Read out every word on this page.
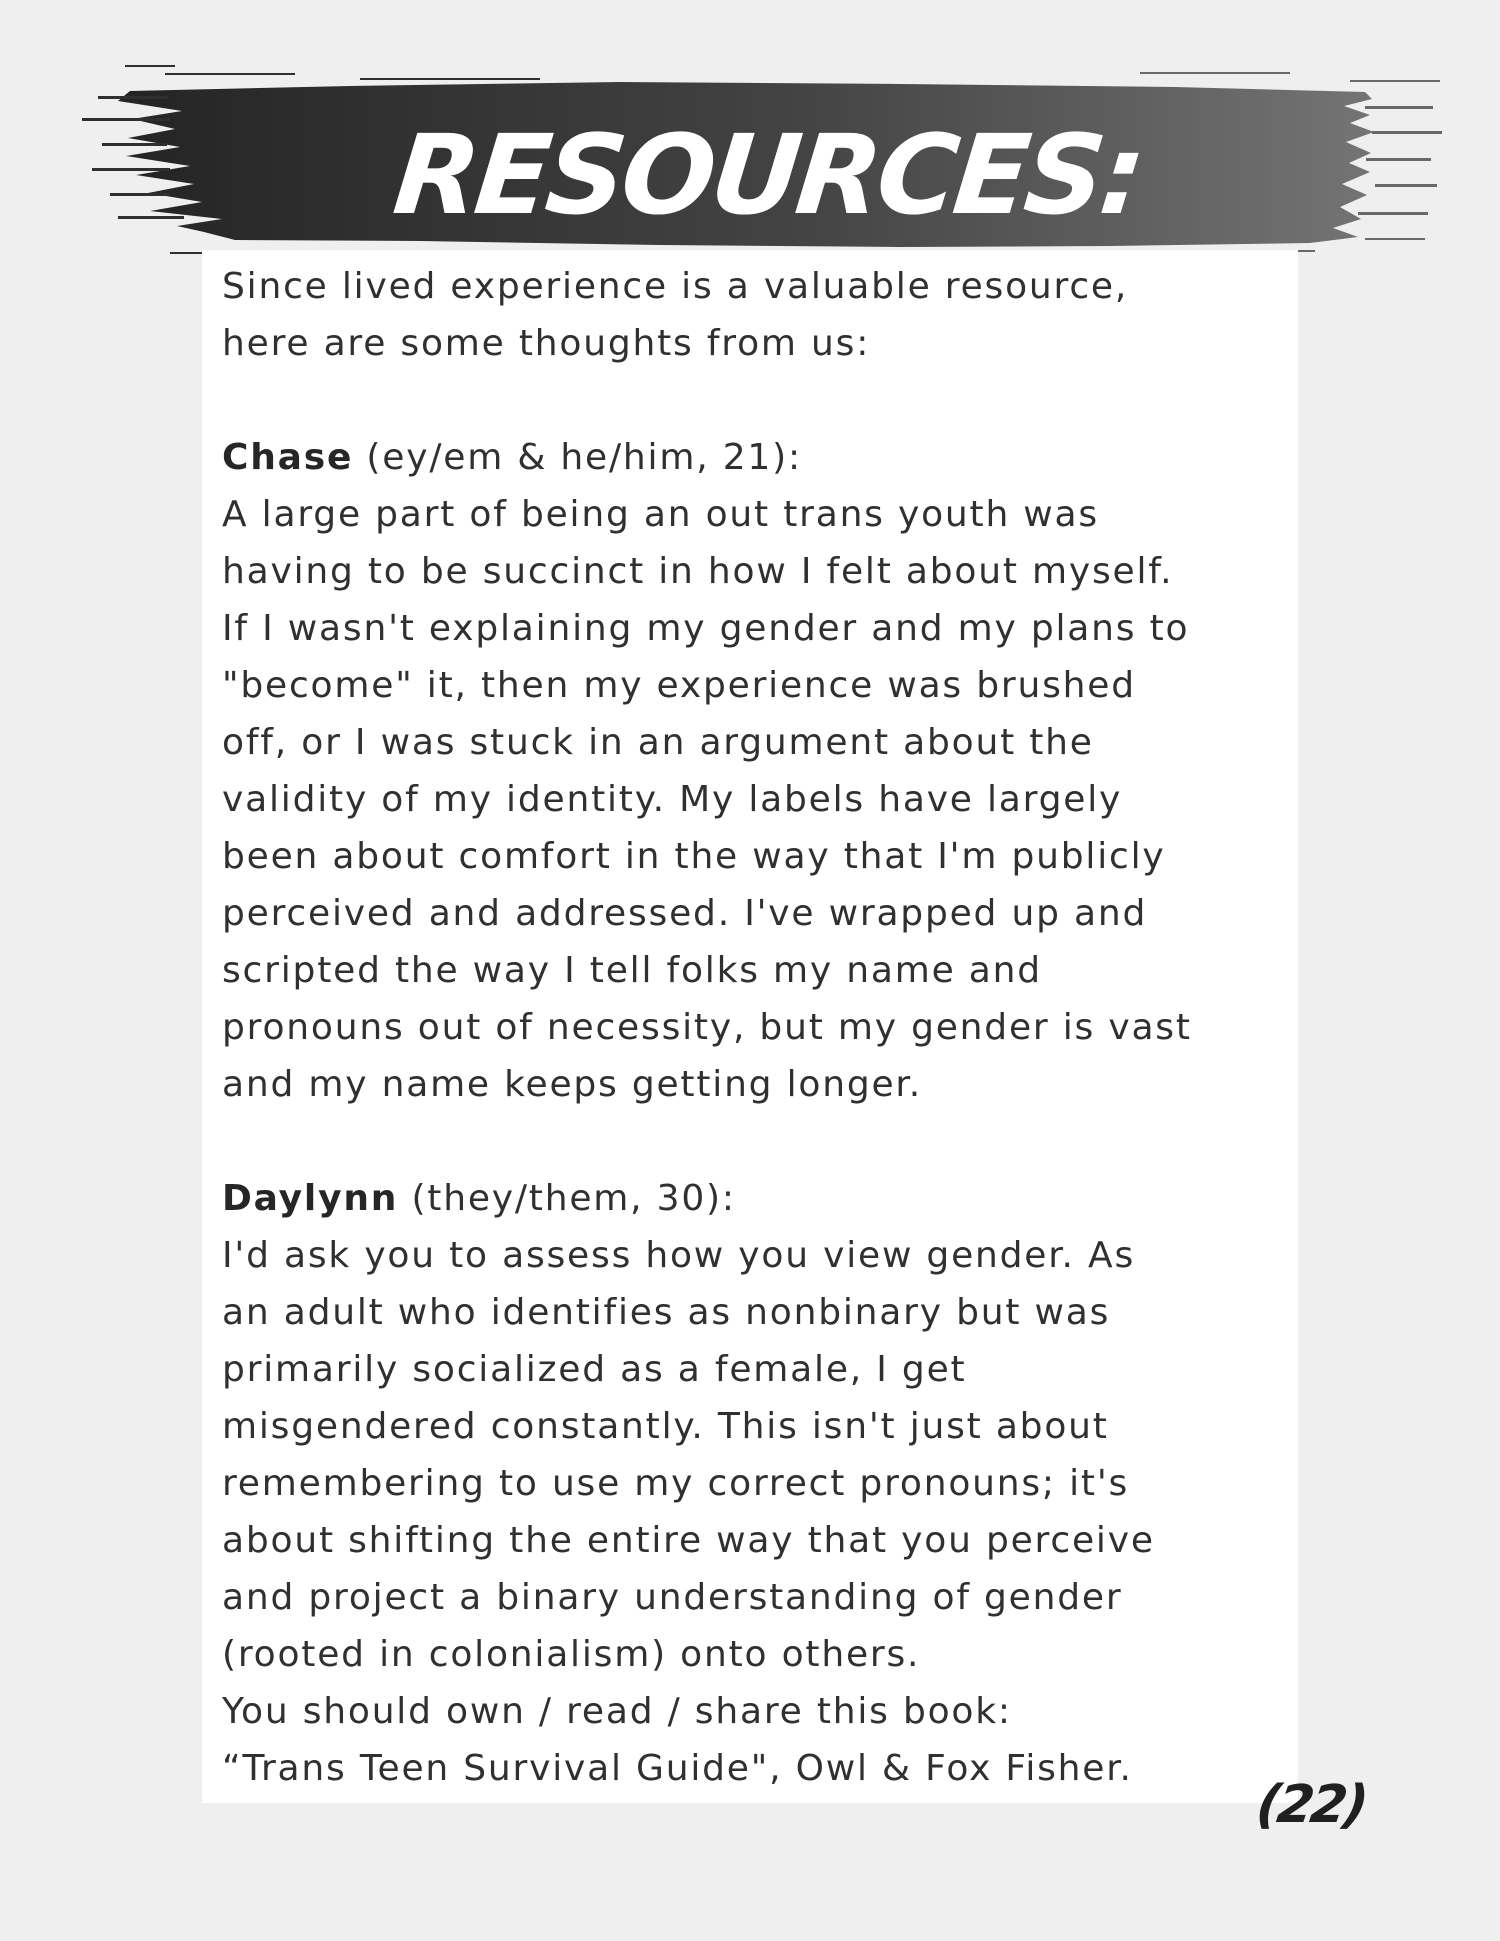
RESOURCES:

Since lived experience is a valuable resource,

here are some thoughts from us:

Chase (ey/em & he/him, 21):

A large part of being an out trans youth was

having to be succinct in how I felt about myself.

If I wasn't explaining my gender and my plans to

"become" it, then my experience was brushed

off, or I was stuck in an argument about the

validity of my identity. My labels have largely

been about comfort in the way that I'm publicly

perceived and addressed. I've wrapped up and

scripted the way I tell folks my name and

pronouns out of necessity, but my gender is vast

and my name keeps getting longer.

Daylynn (they/them, 30):

I'd ask you to assess how you view gender. As

an adult who identifies as nonbinary but was

primarily socialized as a female, I get

misgendered constantly. This isn't just about

remembering to use my correct pronouns; it's

about shifting the entire way that you perceive

and project a binary understanding of gender

(rooted in colonialism) onto others.

You should own / read / share this book:

“Trans Teen Survival Guide", Owl & Fox Fisher.

(22)
